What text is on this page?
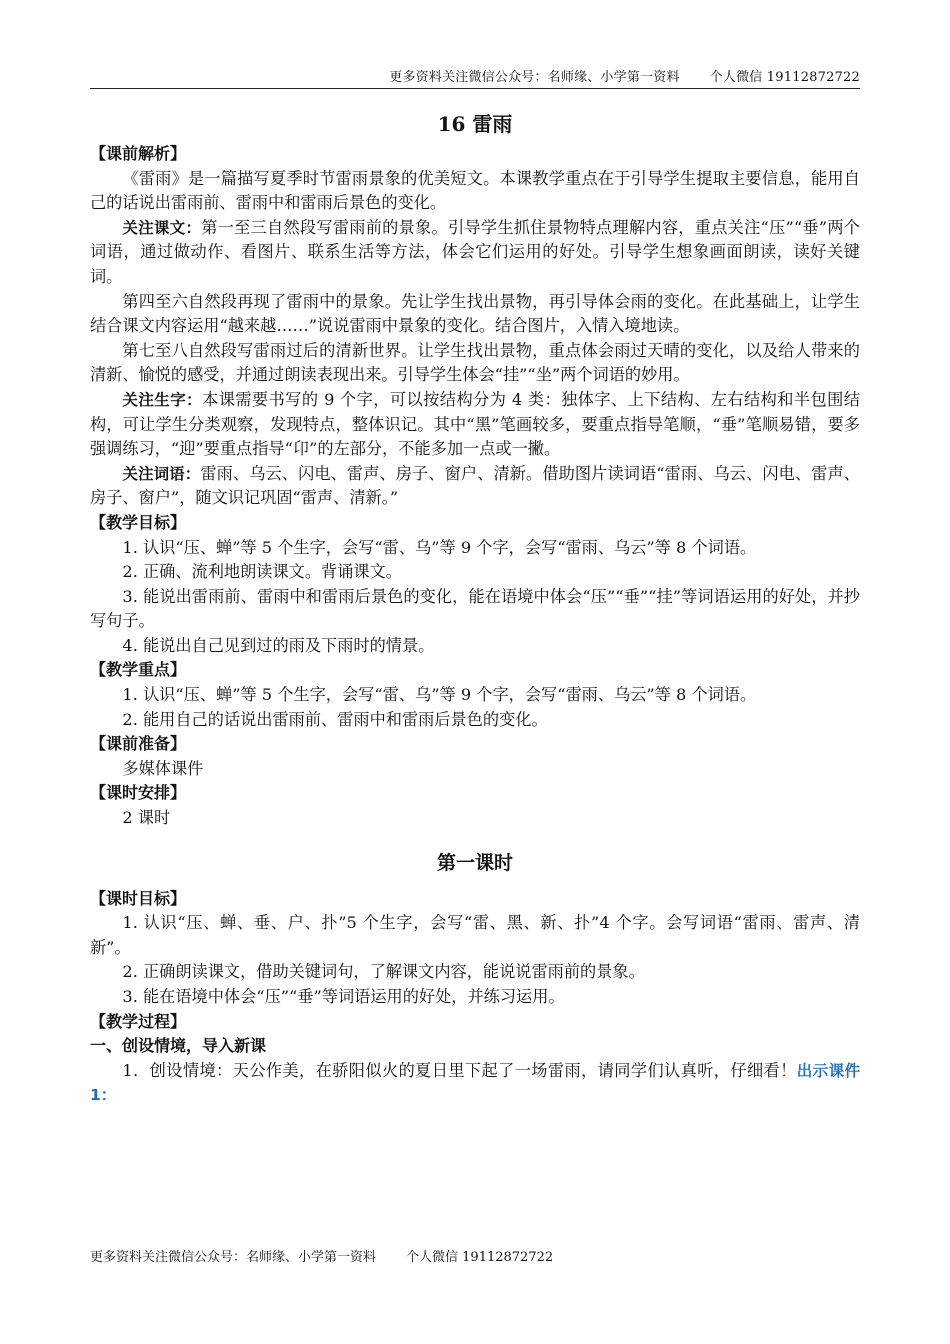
更多资料关注微信公众号：名师缘、小学第一资料 个人微信 19112872722
16 雷雨
【课前解析】
《雷雨》是一篇描写夏季时节雷雨景象的优美短文。本课教学重点在于引导学生提取主要信息，能用自己的话说出雷雨前、雷雨中和雷雨后景色的变化。
关注课文：第一至三自然段写雷雨前的景象。引导学生抓住景物特点理解内容，重点关注“压”“垂”两个词语，通过做动作、看图片、联系生活等方法，体会它们运用的好处。引导学生想象画面朗读，读好关键词。
第四至六自然段再现了雷雨中的景象。先让学生找出景物，再引导体会雨的变化。在此基础上，让学生结合课文内容运用“越来越……”说说雷雨中景象的变化。结合图片，入情入境地读。
第七至八自然段写雷雨过后的清新世界。让学生找出景物，重点体会雨过天晴的变化，以及给人带来的清新、愉悦的感受，并通过朗读表现出来。引导学生体会“挂”“坐”两个词语的妙用。
关注生字：本课需要书写的 9 个字，可以按结构分为 4 类：独体字、上下结构、左右结构和半包围结构，可让学生分类观察，发现特点，整体识记。其中“黑”笔画较多，要重点指导笔顺，“垂”笔顺易错，要多强调练习，“迎”要重点指导“卬”的左部分，不能多加一点或一撇。
关注词语：雷雨、乌云、闪电、雷声、房子、窗户、清新。借助图片读词语“雷雨、乌云、闪电、雷声、房子、窗户”，随文识记巩固“雷声、清新。”
【教学目标】
1. 认识“压、蝉”等 5 个生字，会写“雷、乌”等 9 个字，会写“雷雨、乌云”等 8 个词语。
2. 正确、流利地朗读课文。背诵课文。
3. 能说出雷雨前、雷雨中和雷雨后景色的变化，能在语境中体会“压”“垂”“挂”等词语运用的好处，并抄写句子。
4. 能说出自己见到过的雨及下雨时的情景。
【教学重点】
1. 认识“压、蝉”等 5 个生字，会写“雷、乌”等 9 个字，会写“雷雨、乌云”等 8 个词语。
2. 能用自己的话说出雷雨前、雷雨中和雷雨后景色的变化。
【课前准备】
多媒体课件
【课时安排】
2 课时
第一课时
【课时目标】
1. 认识“压、蝉、垂、户、扑”5 个生字，会写“雷、黑、新、扑”4 个字。会写词语“雷雨、雷声、清新”。
2. 正确朗读课文，借助关键词句，了解课文内容，能说说雷雨前的景象。
3. 能在语境中体会“压”“垂”等词语运用的好处，并练习运用。
【教学过程】
一、创设情境，导入新课
1．创设情境：天公作美，在骄阳似火的夏日里下起了一场雷雨，请同学们认真听，仔细看！出示课件 1：
更多资料关注微信公众号：名师缘、小学第一资料 个人微信 19112872722
